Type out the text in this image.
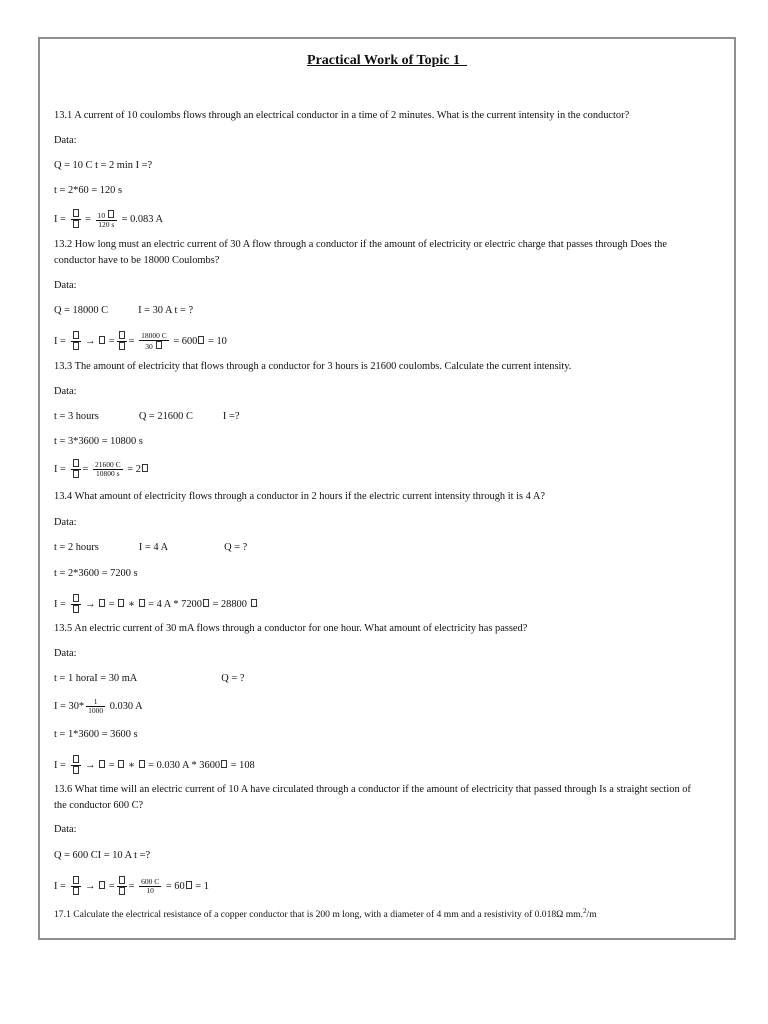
Practical Work of Topic 1_
13.1 A current of 10 coulombs flows through an electrical conductor in a time of 2 minutes. What is the current intensity in the conductor?
Data:
Q = 10 C t = 2 min I =?
t = 2*60 = 120 s
I = = $\frac{10}{120 s} = 0.083$ A
13.2 How long must an electric current of 30 A flow through a conductor if the amount of electricity or electric charge that passes through Does the conductor have to be 18000 Coulombs?
Data:
Q = 18000 C	I = 30 A t = ?
I = →  = = $\frac{18000 C}{30} = 600 = 10$
13.3 The amount of electricity that flows through a conductor for 3 hours is 21600 coulombs. Calculate the current intensity.
Data:
t = 3 hours	Q = 21600 C	I =?
t = 3*3600 = 10800 s
I = = $\frac{21600 C}{10800 s} = 2$
13.4 What amount of electricity flows through a conductor in 2 hours if the electric current intensity through it is 4 A?
Data:
t = 2 hours	I = 4 A	Q = ?
t = 2*3600 = 7200 s
I = → = ∗ = 4 A * 7200 = 28800
13.5 An electric current of 30 mA flows through a conductor for one hour. What amount of electricity has passed?
Data:
t = 1 horaI = 30 mA	Q = ?
$I = 30* \frac{1}{1000} 0.030$ A
t = 1*3600 = 3600 s
I = → = ∗ = 0.030 A * 3600 = 108
13.6 What time will an electric current of 10 A have circulated through a conductor if the amount of electricity that passed through Is a straight section of the conductor 600 C?
Data:
Q = 600 CI = 10 A t =?
I = →  = = $\frac{600 C}{10} = 60 = 1$
17.1 Calculate the electrical resistance of a copper conductor that is 200 m long, with a diameter of 4 mm and a resistivity of 0.018Ω mm.$^2$/m
